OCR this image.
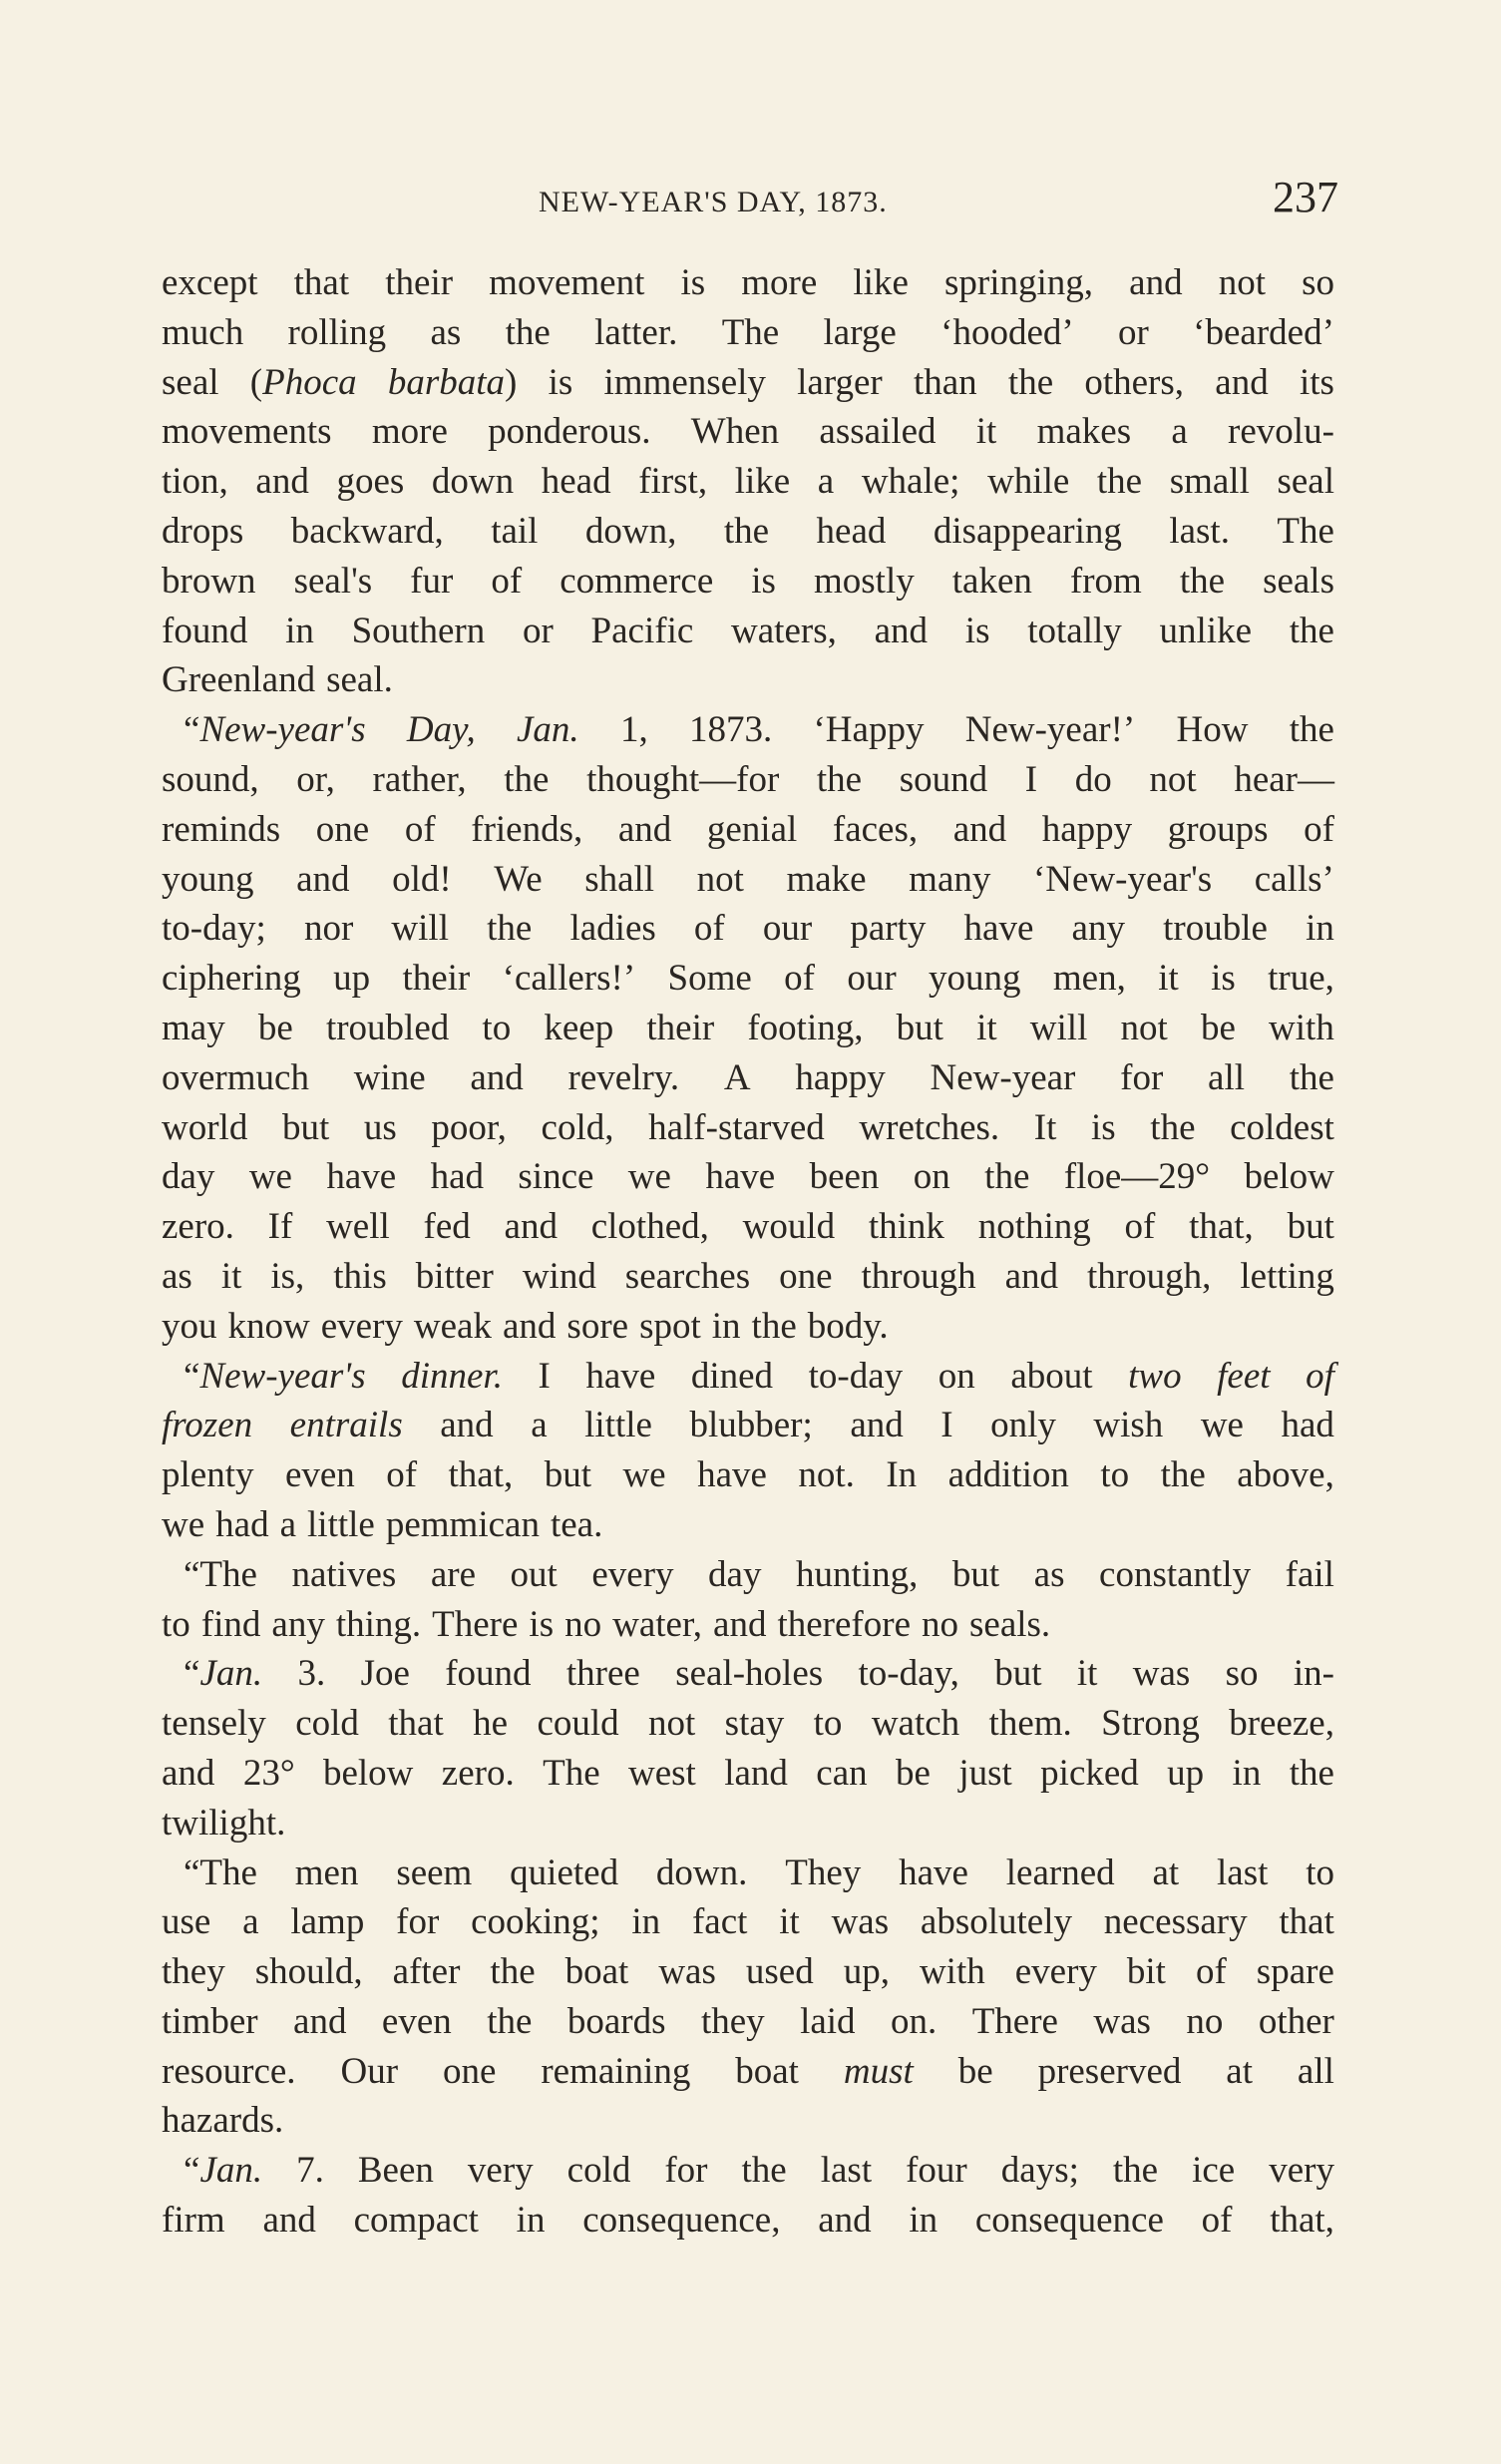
NEW-YEAR'S DAY, 1873.	237
except that their movement is more like springing, and not so
much rolling as the latter. The large ‘hooded’ or ‘bearded’
seal (Phoca barbata) is immensely larger than the others, and its
movements more ponderous. When assailed it makes a revolu-
tion, and goes down head first, like a whale; while the small seal
drops backward, tail down, the head disappearing last. The
brown seal's fur of commerce is mostly taken from the seals
found in Southern or Pacific waters, and is totally unlike the
Greenland seal.
“New-year's Day, Jan. 1, 1873. ‘Happy New-year!’ How the
sound, or, rather, the thought—for the sound I do not hear—
reminds one of friends, and genial faces, and happy groups of
young and old! We shall not make many ‘New-year's calls’
to-day; nor will the ladies of our party have any trouble in
ciphering up their ‘callers!’ Some of our young men, it is true,
may be troubled to keep their footing, but it will not be with
overmuch wine and revelry. A happy New-year for all the
world but us poor, cold, half-starved wretches. It is the coldest
day we have had since we have been on the floe—29° below
zero. If well fed and clothed, would think nothing of that, but
as it is, this bitter wind searches one through and through, letting
you know every weak and sore spot in the body.
“New-year's dinner. I have dined to-day on about two feet of
frozen entrails and a little blubber; and I only wish we had
plenty even of that, but we have not. In addition to the above,
we had a little pemmican tea.
“The natives are out every day hunting, but as constantly fail
to find any thing. There is no water, and therefore no seals.
“Jan. 3. Joe found three seal-holes to-day, but it was so in-
tensely cold that he could not stay to watch them. Strong breeze,
and 23° below zero. The west land can be just picked up in the
twilight.
“The men seem quieted down. They have learned at last to
use a lamp for cooking; in fact it was absolutely necessary that
they should, after the boat was used up, with every bit of spare
timber and even the boards they laid on. There was no other
resource. Our one remaining boat must be preserved at all
hazards.
“Jan. 7. Been very cold for the last four days; the ice very
firm and compact in consequence, and in consequence of that,
